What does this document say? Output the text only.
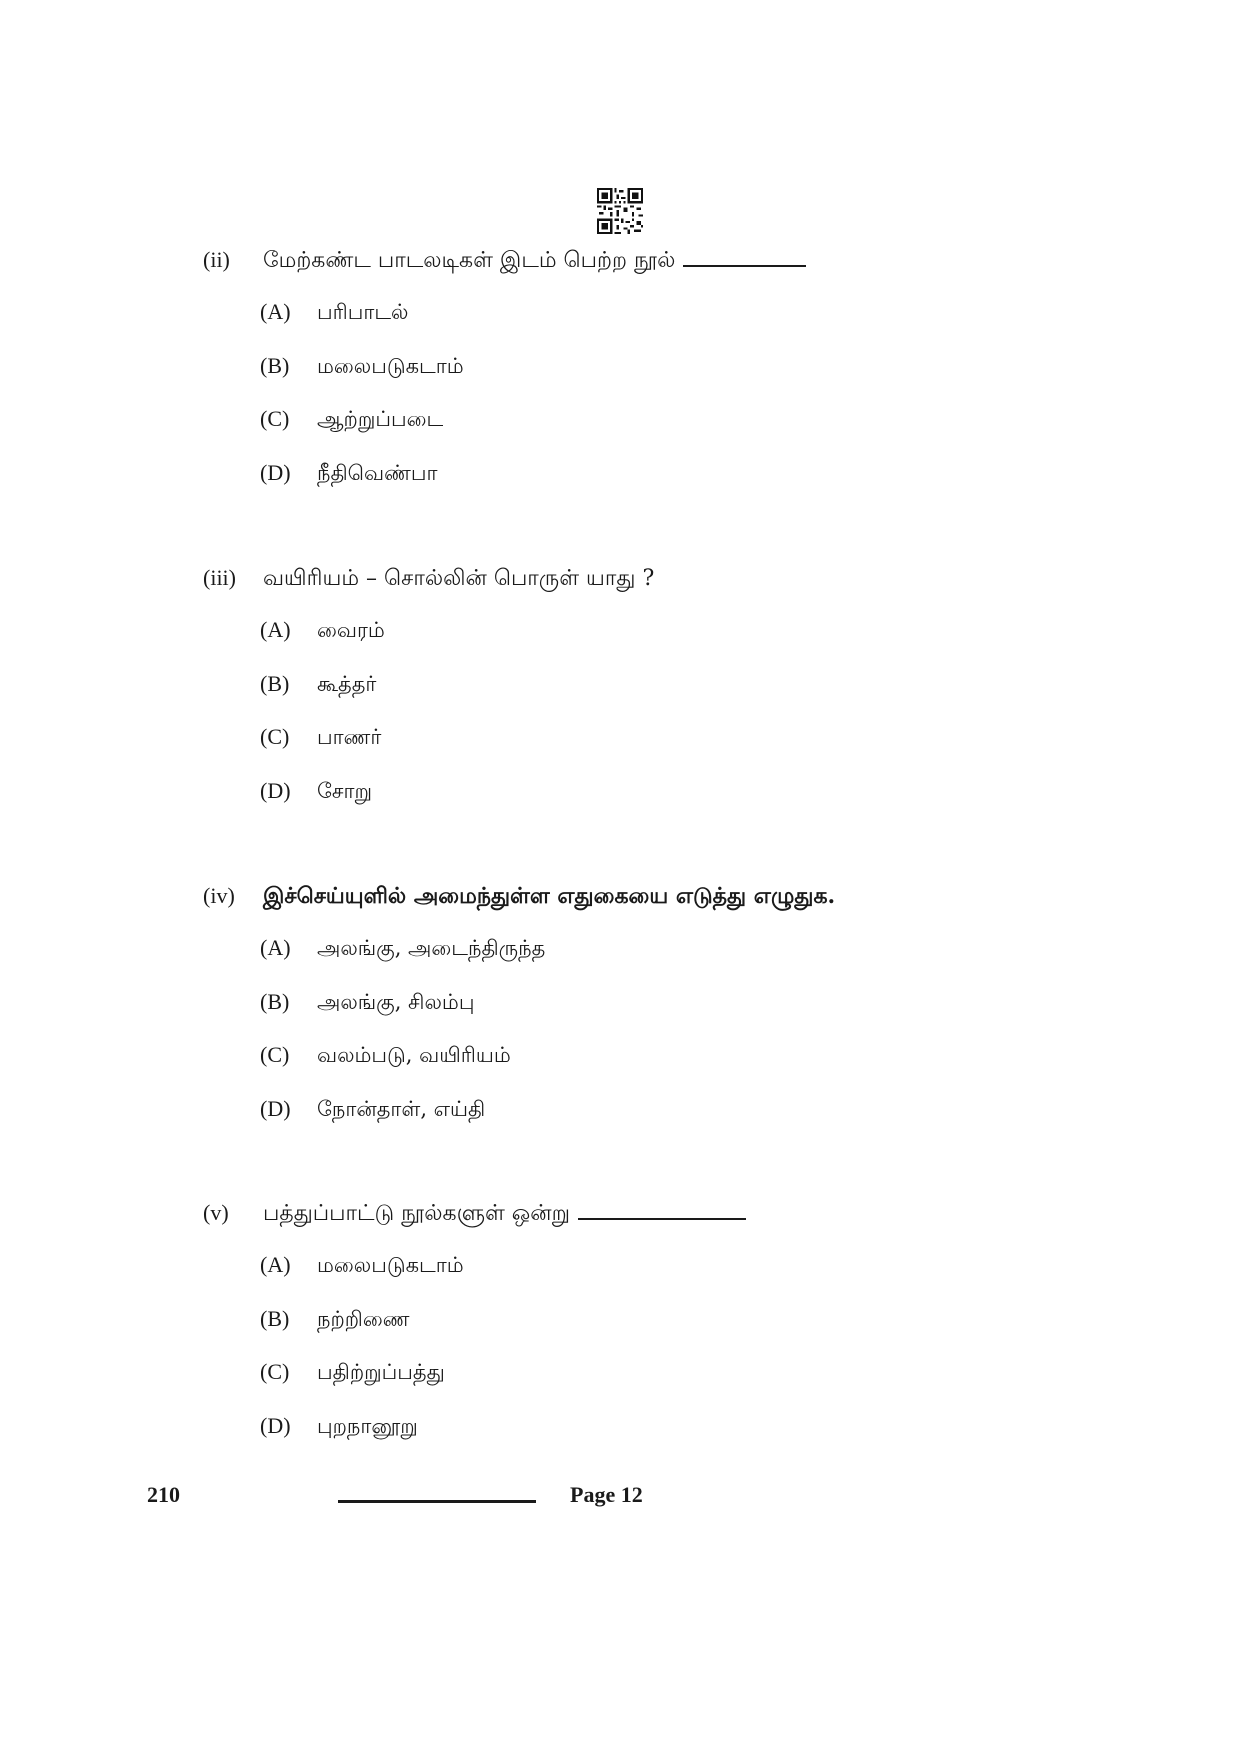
(ii)	மேற்கண்ட பாடலடிகள் இடம் பெற்ற நூல்
(A)	பரிபாடல்
(B)	மலைபடுகடாம்
(C)	ஆற்றுப்படை
(D)	நீதிவெண்பா
(iii)	வயிரியம் – சொல்லின் பொருள் யாது ?
(A)	வைரம்
(B)	கூத்தர்
(C)	பாணர்
(D)	சோறு
(iv)	இச்செய்யுளில் அமைந்துள்ள எதுகையை எடுத்து எழுதுக.
(A)	அலங்கு, அடைந்திருந்த
(B)	அலங்கு, சிலம்பு
(C)	வலம்படு, வயிரியம்
(D)	நோன்தாள், எய்தி
(v)	பத்துப்பாட்டு நூல்களுள் ஒன்று
(A)	மலைபடுகடாம்
(B)	நற்றிணை
(C)	பதிற்றுப்பத்து
(D)	புறநானூறு
210	Page 12
